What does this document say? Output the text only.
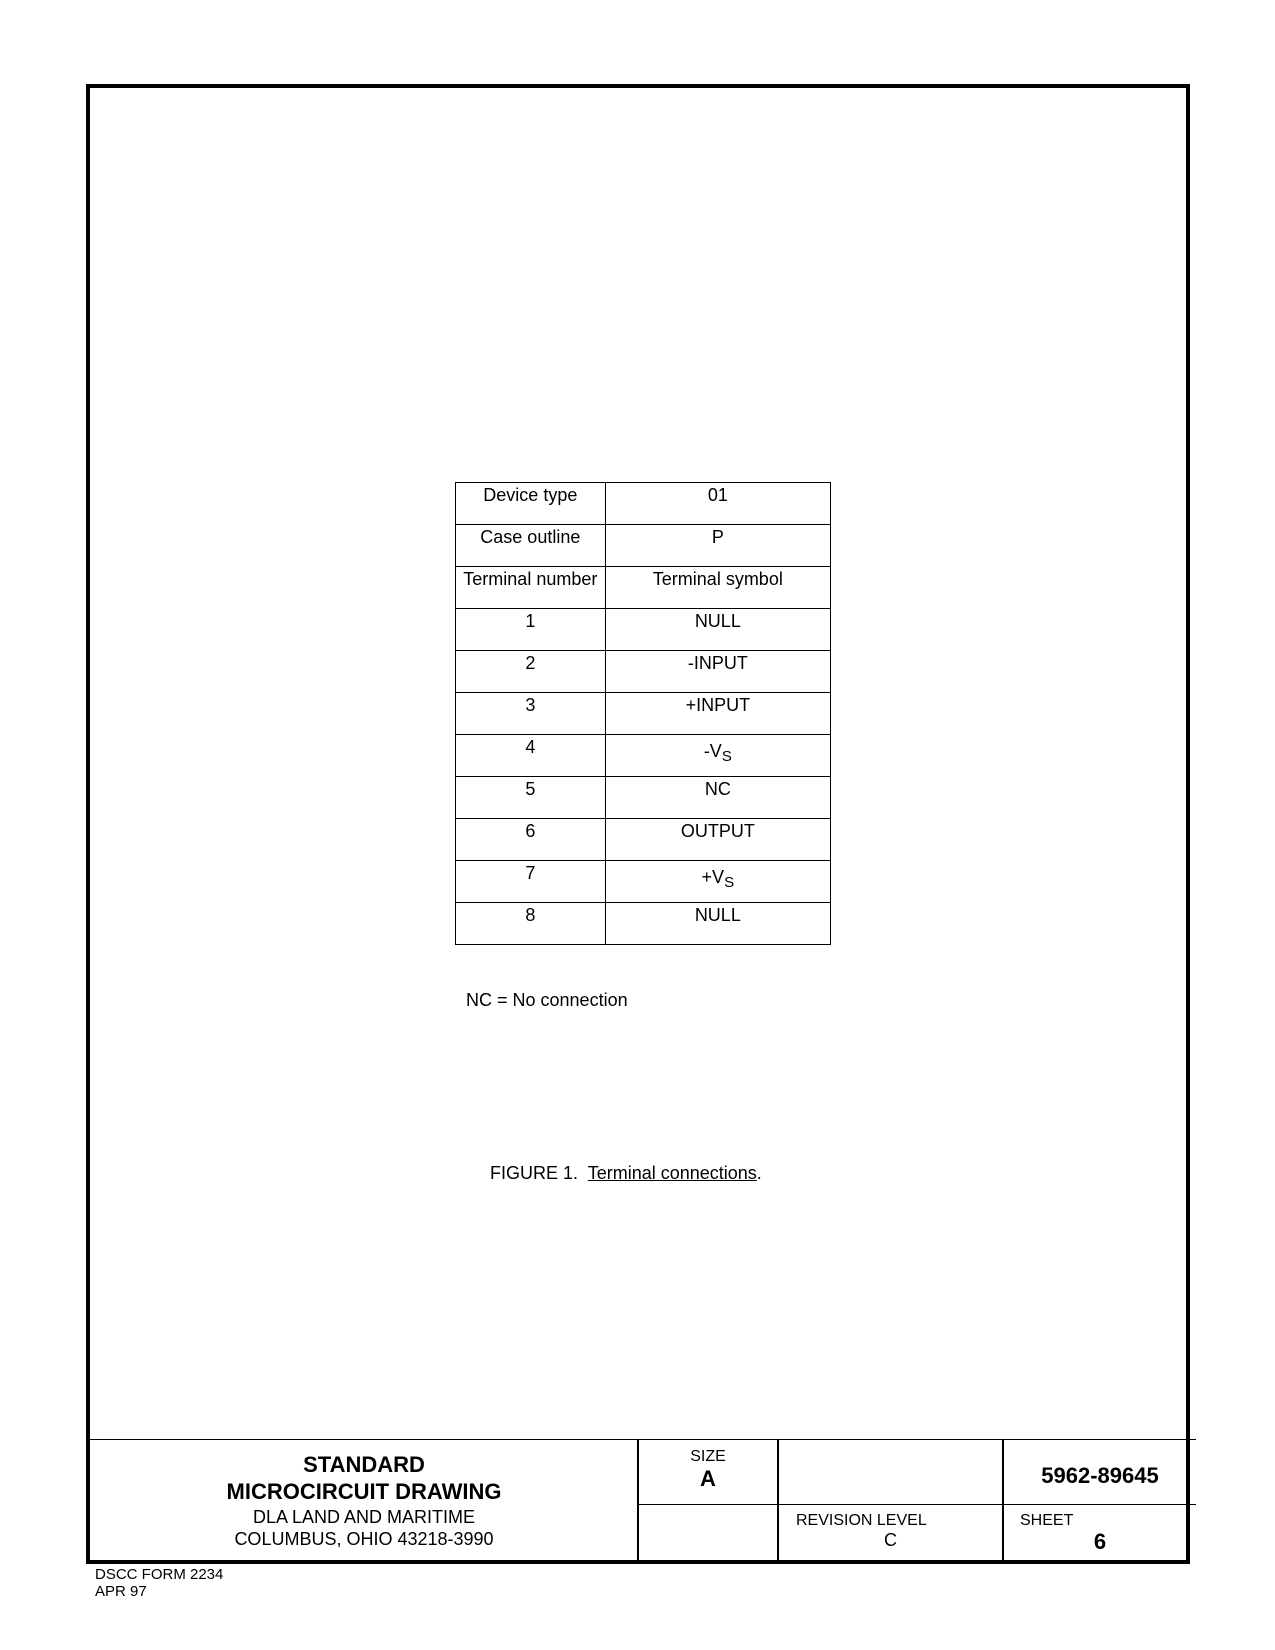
Device type	01
Case outline	P
Terminal number	Terminal symbol
1	NULL
2	-INPUT
3	+INPUT
4	$-V_S$
5	NC
6	OUTPUT
7	$+V_S$
8	NULL
NC = No connection
FIGURE 1. Terminal connections.
STANDARD
MICROCIRCUIT DRAWING
DLA LAND AND MARITIME
COLUMBUS, OHIO 43218-3990
SIZE
A	5962-89645
REVISION LEVEL
C
SHEET
6
DSCC FORM 2234
APR 97
